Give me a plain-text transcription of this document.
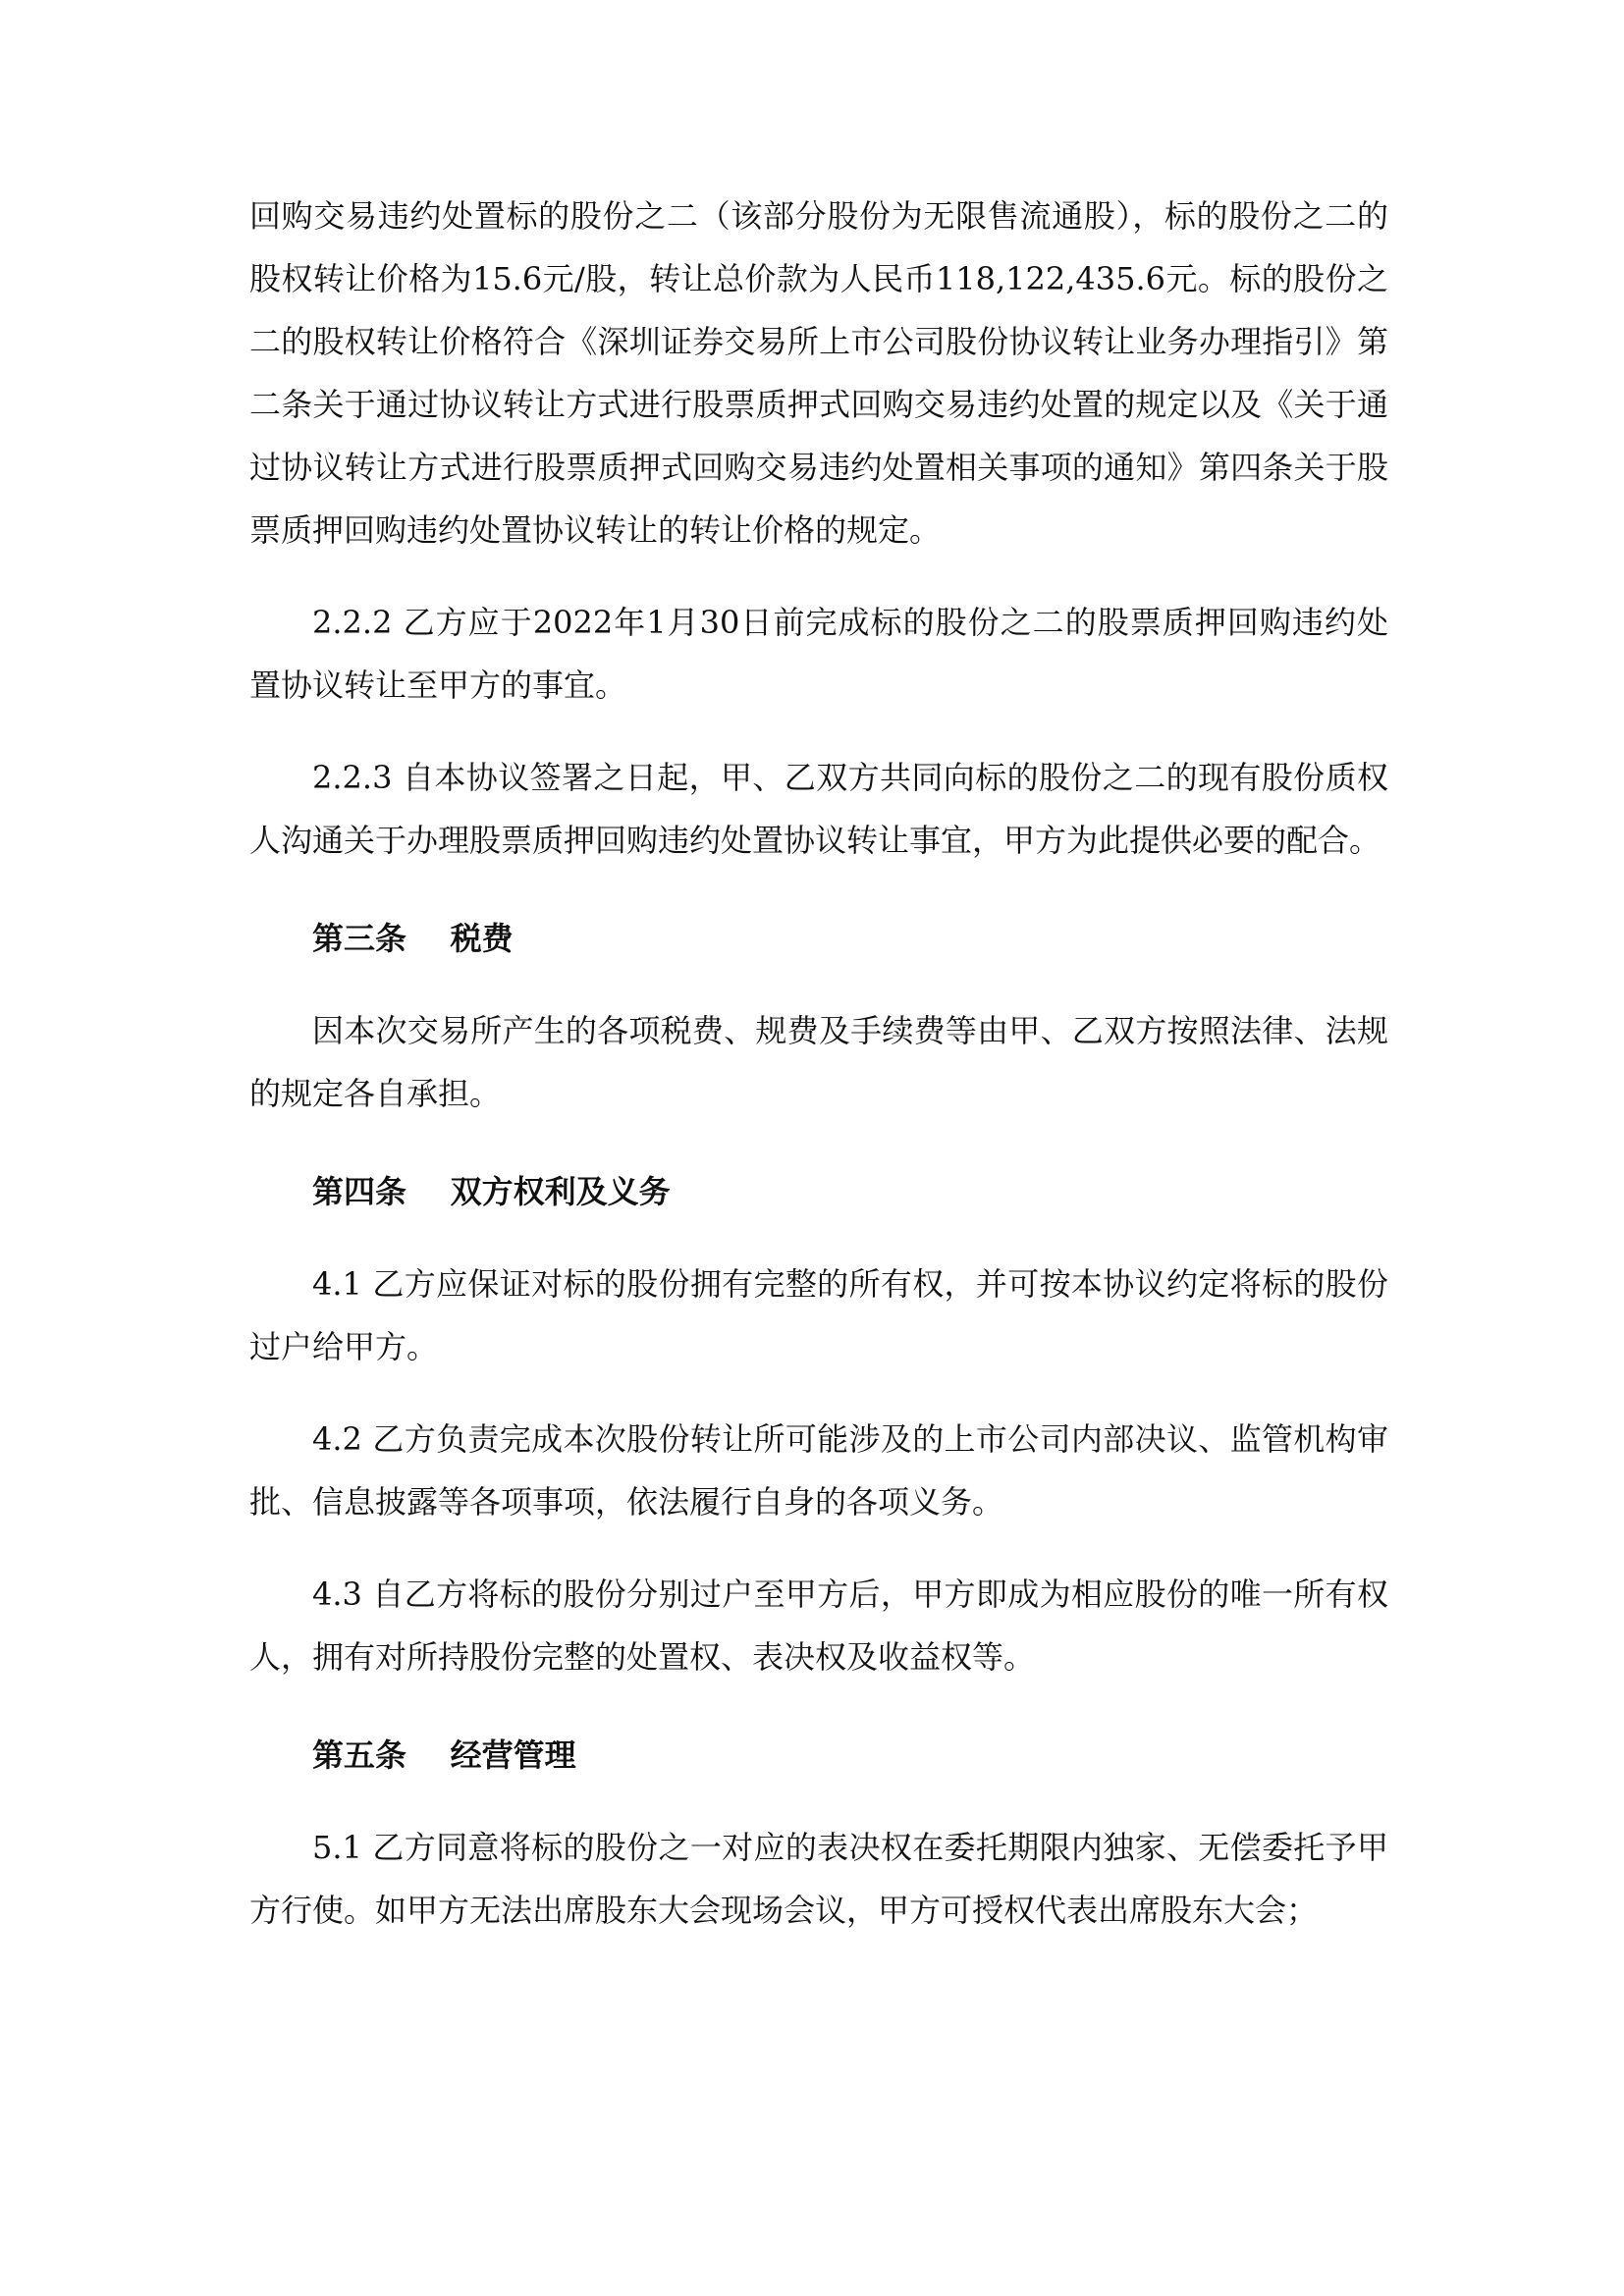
回购交易违约处置标的股份之二（该部分股份为无限售流通股），标的股份之二的股权转让价格为15.6元/股，转让总价款为人民币118,122,435.6元。标的股份之二的股权转让价格符合《深圳证券交易所上市公司股份协议转让业务办理指引》第二条关于通过协议转让方式进行股票质押式回购交易违约处置的规定以及《关于通过协议转让方式进行股票质押式回购交易违约处置相关事项的通知》第四条关于股票质押回购违约处置协议转让的转让价格的规定。

2.2.2 乙方应于2022年1月30日前完成标的股份之二的股票质押回购违约处置协议转让至甲方的事宜。

2.2.3 自本协议签署之日起，甲、乙双方共同向标的股份之二的现有股份质权人沟通关于办理股票质押回购违约处置协议转让事宜，甲方为此提供必要的配合。

第三条    税费

因本次交易所产生的各项税费、规费及手续费等由甲、乙双方按照法律、法规的规定各自承担。

第四条    双方权利及义务

4.1 乙方应保证对标的股份拥有完整的所有权，并可按本协议约定将标的股份过户给甲方。

4.2 乙方负责完成本次股份转让所可能涉及的上市公司内部决议、监管机构审批、信息披露等各项事项，依法履行自身的各项义务。

4.3 自乙方将标的股份分别过户至甲方后，甲方即成为相应股份的唯一所有权人，拥有对所持股份完整的处置权、表决权及收益权等。

第五条    经营管理

5.1 乙方同意将标的股份之一对应的表决权在委托期限内独家、无偿委托予甲方行使。如甲方无法出席股东大会现场会议，甲方可授权代表出席股东大会；
